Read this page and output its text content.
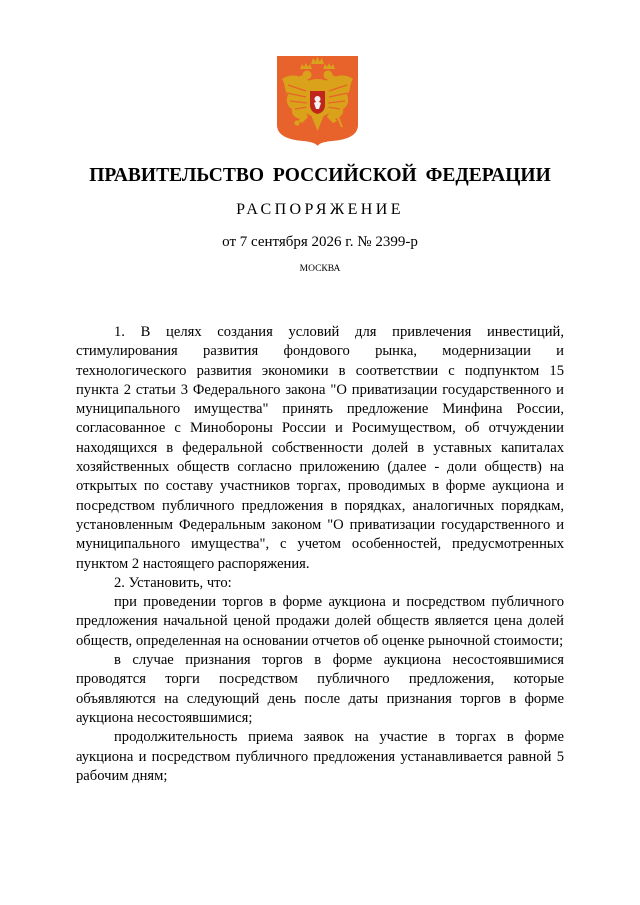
ПРАВИТЕЛЬСТВО РОССИЙСКОЙ ФЕДЕРАЦИИ
РАСПОРЯЖЕНИЕ
от 7 сентября 2026 г. № 2399-р
МОСКВА

1. В целях создания условий для привлечения инвестиций, стимулирования развития фондового рынка, модернизации и технологического развития экономики в соответствии с подпунктом 15 пункта 2 статьи 3 Федерального закона "О приватизации государственного и муниципального имущества" принять предложение Минфина России, согласованное с Минобороны России и Росимуществом, об отчуждении находящихся в федеральной собственности долей в уставных капиталах хозяйственных обществ согласно приложению (далее - доли обществ) на открытых по составу участников торгах, проводимых в форме аукциона и посредством публичного предложения в порядках, аналогичных порядкам, установленным Федеральным законом "О приватизации государственного и муниципального имущества", с учетом особенностей, предусмотренных пунктом 2 настоящего распоряжения.

2. Установить, что:

при проведении торгов в форме аукциона и посредством публичного предложения начальной ценой продажи долей обществ является цена долей обществ, определенная на основании отчетов об оценке рыночной стоимости;

в случае признания торгов в форме аукциона несостоявшимися проводятся торги посредством публичного предложения, которые объявляются на следующий день после даты признания торгов в форме аукциона несостоявшимися;

продолжительность приема заявок на участие в торгах в форме аукциона и посредством публичного предложения устанавливается равной 5 рабочим дням;
